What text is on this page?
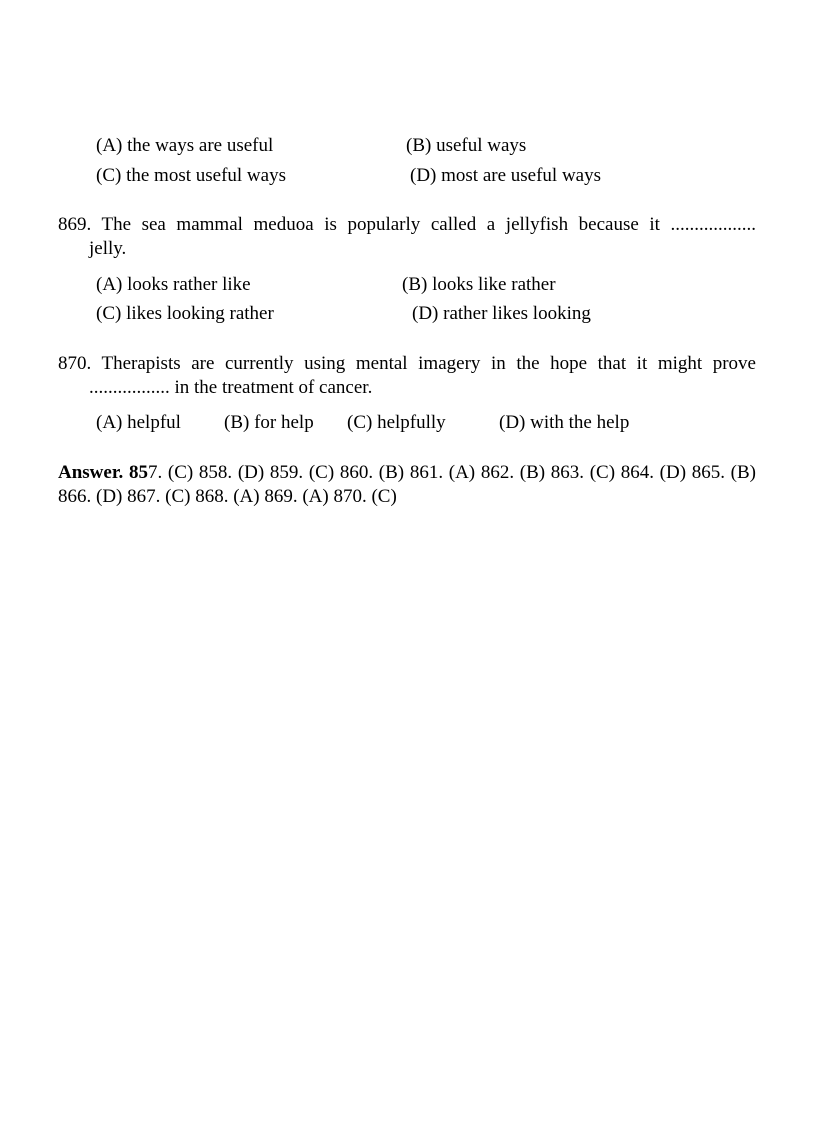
(A) the ways are useful	(B) useful ways
(C) the most useful ways	(D) most are useful ways
869. The sea mammal meduoa is popularly called a jellyfish because it ..................
jelly.
(A) looks rather like	(B) looks like rather
(C) likes looking rather	(D) rather likes looking
870. Therapists are currently using mental imagery in the hope that it might prove
................. in the treatment of cancer.
(A) helpful (B) for help (C) helpfully	(D) with the help
Answer. 857. (C) 858. (D) 859. (C) 860. (B) 861. (A) 862. (B) 863. (C) 864. (D) 865. (B) 866. (D) 867. (C) 868. (A) 869. (A) 870. (C)
